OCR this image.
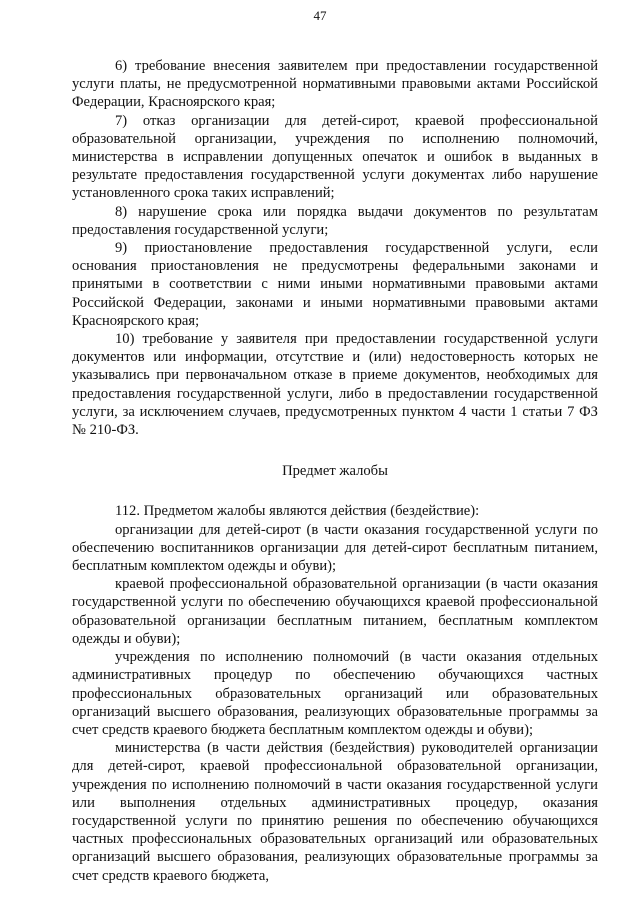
47

6) требование внесения заявителем при предоставлении государственной услуги платы, не предусмотренной нормативными правовыми актами Российской Федерации, Красноярского края;

7) отказ организации для детей-сирот, краевой профессиональной образовательной организации, учреждения по исполнению полномочий, министерства в исправлении допущенных опечаток и ошибок в выданных в результате предоставления государственной услуги документах либо нарушение установленного срока таких исправлений;

8) нарушение срока или порядка выдачи документов по результатам предоставления государственной услуги;

9) приостановление предоставления государственной услуги, если основания приостановления не предусмотрены федеральными законами и принятыми в соответствии с ними иными нормативными правовыми актами Российской Федерации, законами и иными нормативными правовыми актами Красноярского края;

10) требование у заявителя при предоставлении государственной услуги документов или информации, отсутствие и (или) недостоверность которых не указывались при первоначальном отказе в приеме документов, необходимых для предоставления государственной услуги, либо в предоставлении государственной услуги, за исключением случаев, предусмотренных пунктом 4 части 1 статьи 7 ФЗ № 210-ФЗ.

Предмет жалобы

112. Предметом жалобы являются действия (бездействие):

организации для детей-сирот (в части оказания государственной услуги по обеспечению воспитанников организации для детей-сирот бесплатным питанием, бесплатным комплектом одежды и обуви);

краевой профессиональной образовательной организации (в части оказания государственной услуги по обеспечению обучающихся краевой профессиональной образовательной организации бесплатным питанием, бесплатным комплектом одежды и обуви);

учреждения по исполнению полномочий (в части оказания отдельных административных процедур по обеспечению обучающихся частных профессиональных образовательных организаций или образовательных организаций высшего образования, реализующих образовательные программы за счет средств краевого бюджета бесплатным комплектом одежды и обуви);

министерства (в части действия (бездействия) руководителей организации для детей-сирот, краевой профессиональной образовательной организации, учреждения по исполнению полномочий в части оказания государственной услуги или выполнения отдельных административных процедур, оказания государственной услуги по принятию решения по обеспечению обучающихся частных профессиональных образовательных организаций или образовательных организаций высшего образования, реализующих образовательные программы за счет средств краевого бюджета,
